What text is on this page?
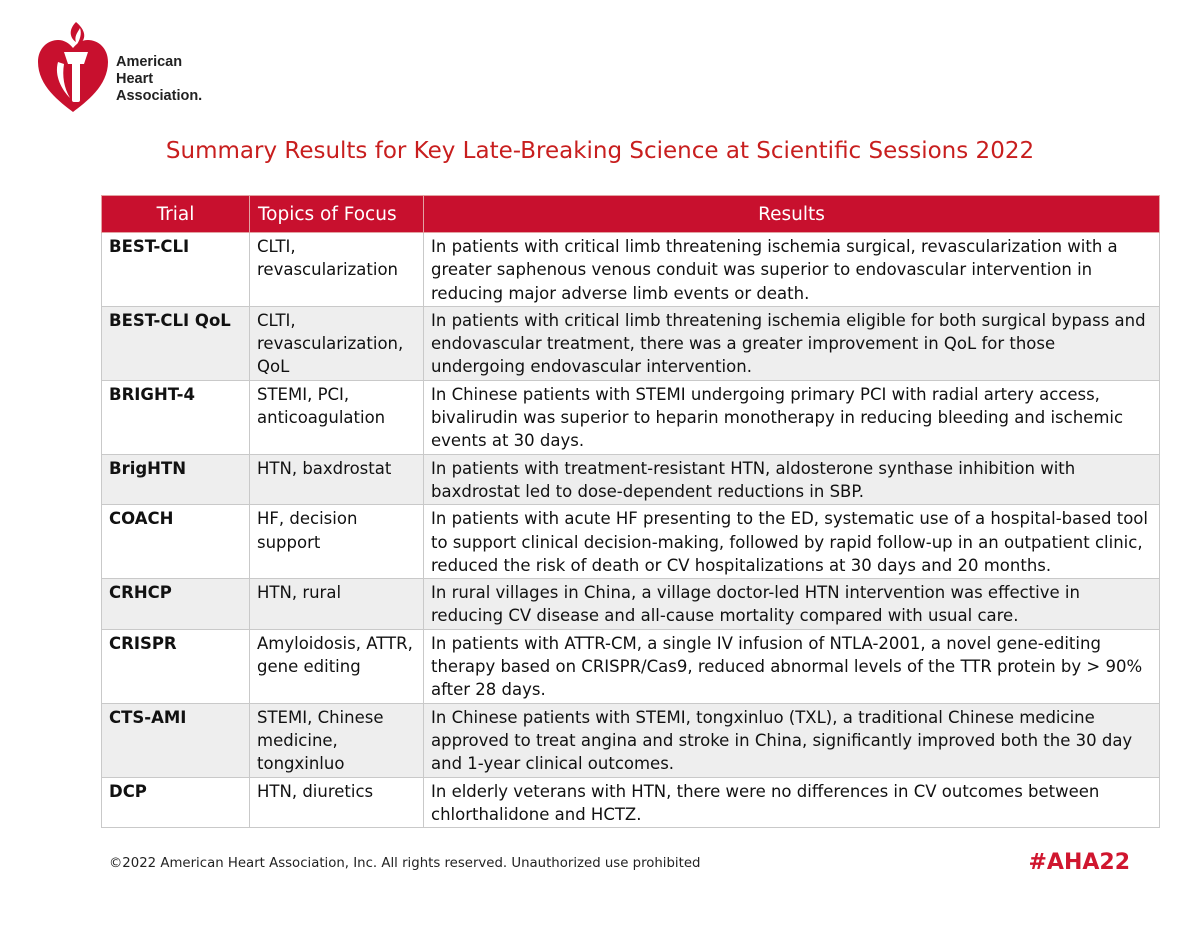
American
Heart
Association.
Summary Results for Key Late-Breaking Science at Scientific Sessions 2022
Trial	Topics of Focus	Results
BEST-CLI	CLTI, revascularization	In patients with critical limb threatening ischemia surgical, revascularization with a greater saphenous venous conduit was superior to endovascular intervention in reducing major adverse limb events or death.
BEST-CLI QoL	CLTI, revascularization, QoL	In patients with critical limb threatening ischemia eligible for both surgical bypass and endovascular treatment, there was a greater improvement in QoL for those undergoing endovascular intervention.
BRIGHT-4	STEMI, PCI, anticoagulation	In Chinese patients with STEMI undergoing primary PCI with radial artery access, bivalirudin was superior to heparin monotherapy in reducing bleeding and ischemic events at 30 days.
BrigHTN	HTN, baxdrostat	In patients with treatment-resistant HTN, aldosterone synthase inhibition with baxdrostat led to dose-dependent reductions in SBP.
COACH	HF, decision support	In patients with acute HF presenting to the ED, systematic use of a hospital-based tool to support clinical decision-making, followed by rapid follow-up in an outpatient clinic, reduced the risk of death or CV hospitalizations at 30 days and 20 months.
CRHCP	HTN, rural	In rural villages in China, a village doctor-led HTN intervention was effective in reducing CV disease and all-cause mortality compared with usual care.
CRISPR	Amyloidosis, ATTR, gene editing	In patients with ATTR-CM, a single IV infusion of NTLA-2001, a novel gene-editing therapy based on CRISPR/Cas9, reduced abnormal levels of the TTR protein by > 90% after 28 days.
CTS-AMI	STEMI, Chinese medicine, tongxinluo	In Chinese patients with STEMI, tongxinluo (TXL), a traditional Chinese medicine approved to treat angina and stroke in China, significantly improved both the 30 day and 1-year clinical outcomes.
DCP	HTN, diuretics	In elderly veterans with HTN, there were no differences in CV outcomes between chlorthalidone and HCTZ.
©2022 American Heart Association, Inc. All rights reserved. Unauthorized use prohibited	#AHA22
